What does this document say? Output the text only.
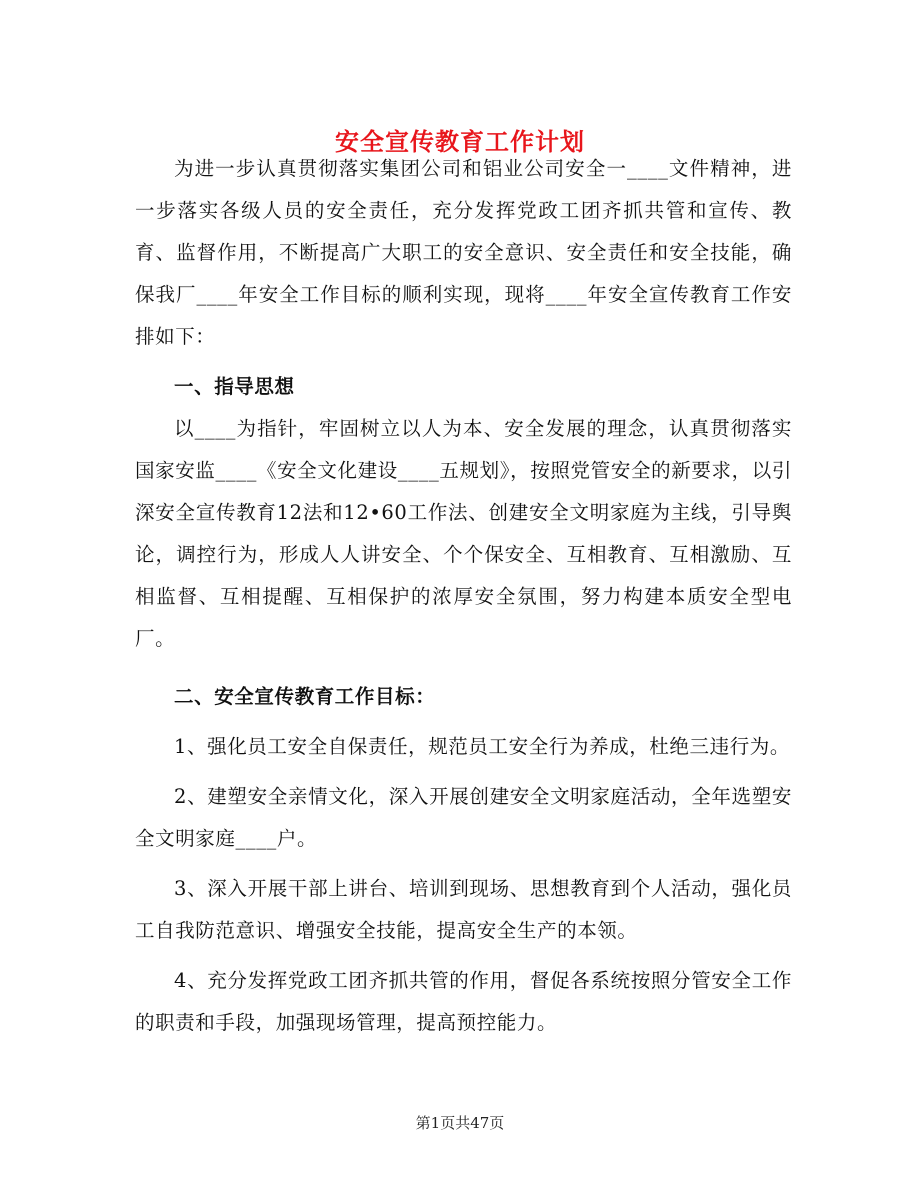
安全宣传教育工作计划

为进一步认真贯彻落实集团公司和铝业公司安全一____文件精神，进一步落实各级人员的安全责任，充分发挥党政工团齐抓共管和宣传、教育、监督作用，不断提高广大职工的安全意识、安全责任和安全技能，确保我厂____年安全工作目标的顺利实现，现将____年安全宣传教育工作安排如下：

一、指导思想

以____为指针，牢固树立以人为本、安全发展的理念，认真贯彻落实国家安监____《安全文化建设____五规划》，按照党管安全的新要求，以引深安全宣传教育12法和12•60工作法、创建安全文明家庭为主线，引导舆论，调控行为，形成人人讲安全、个个保安全、互相教育、互相激励、互相监督、互相提醒、互相保护的浓厚安全氛围，努力构建本质安全型电厂。

二、安全宣传教育工作目标：

1、强化员工安全自保责任，规范员工安全行为养成，杜绝三违行为。

2、建塑安全亲情文化，深入开展创建安全文明家庭活动，全年选塑安全文明家庭____户。

3、深入开展干部上讲台、培训到现场、思想教育到个人活动，强化员工自我防范意识、增强安全技能，提高安全生产的本领。

4、充分发挥党政工团齐抓共管的作用，督促各系统按照分管安全工作的职责和手段，加强现场管理，提高预控能力。

第1页共47页
